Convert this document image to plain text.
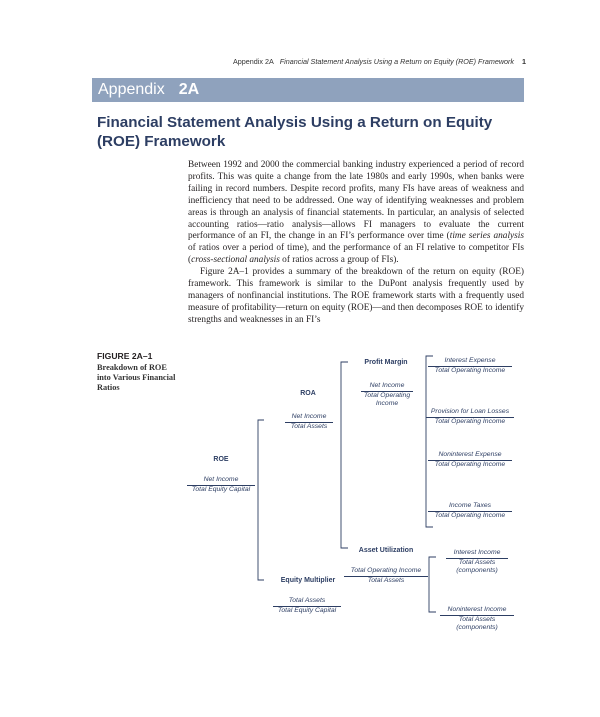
Appendix 2A Financial Statement Analysis Using a Return on Equity (ROE) Framework 1
Appendix 2A
Financial Statement Analysis Using a Return on Equity (ROE) Framework

Between 1992 and 2000 the commercial banking industry experienced a period of record profits. This was quite a change from the late 1980s and early 1990s, when banks were failing in record numbers. Despite record profits, many FIs have areas of weakness and inefficiency that need to be addressed. One way of identifying weaknesses and problem areas is through an analysis of financial statements. In particular, an analysis of selected accounting ratios—ratio analysis—allows FI managers to evaluate the current performance of an FI, the change in an FI’s performance over time (time series analysis of ratios over a period of time), and the performance of an FI relative to competitor FIs (cross-sectional analysis of ratios across a group of FIs).

Figure 2A–1 provides a summary of the breakdown of the return on equity (ROE) framework. This framework is similar to the DuPont analysis frequently used by managers of nonfinancial institutions. The ROE framework starts with a frequently used measure of profitability—return on equity (ROE)—and then decomposes ROE to identify strengths and weaknesses in an FI’s

FIGURE 2A–1
Breakdown of ROE into Various Financial Ratios
ROE
Net Income
Total Equity Capital
ROA
Net Income
Total Assets
Equity Multiplier
Total Assets
Total Equity Capital
Profit Margin
Net Income
Total Operating
Income
Asset Utilization
Total Operating Income
Total Assets
Interest Expense
Total Operating Income
Provision for Loan Losses
Total Operating Income
Noninterest Expense
Total Operating Income
Income Taxes
Total Operating Income
Interest Income
Total Assets
(components)
Noninterest Income
Total Assets
(components)
